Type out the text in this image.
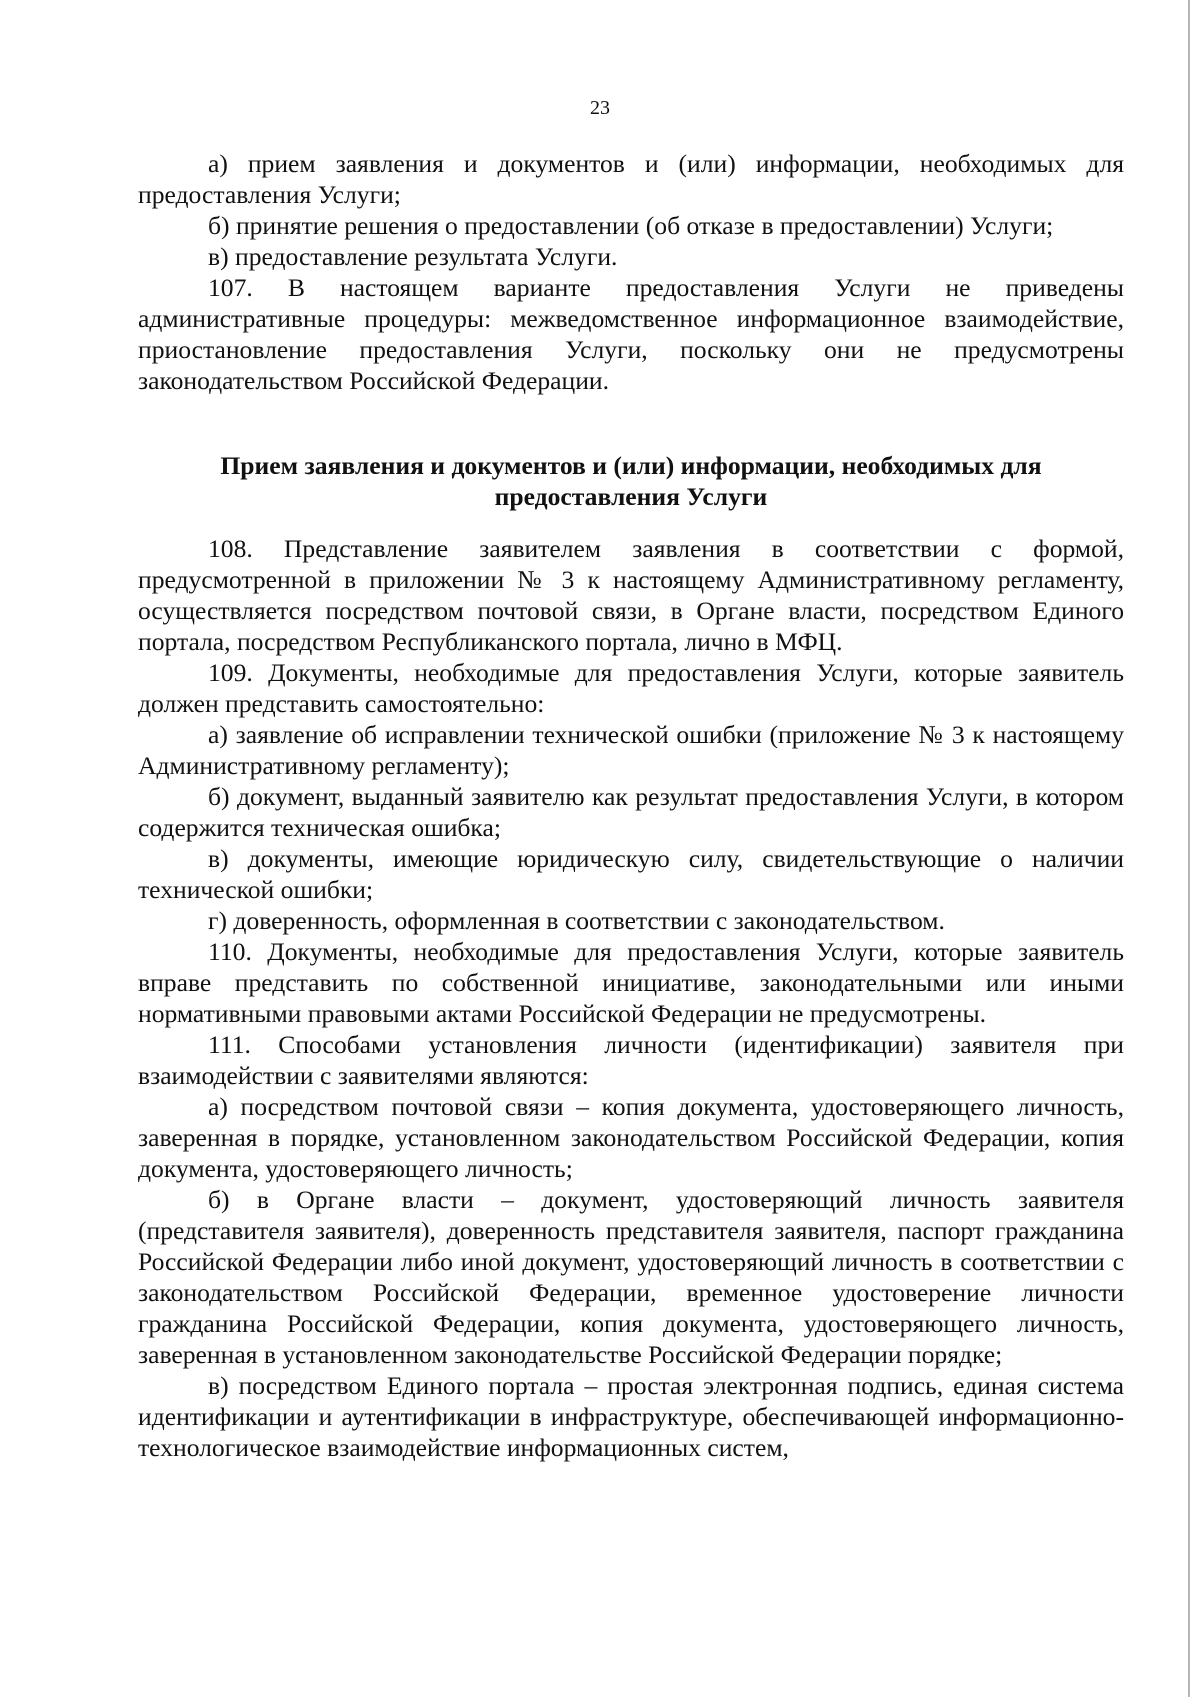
23

а) прием заявления и документов и (или) информации, необходимых для предоставления Услуги;

б) принятие решения о предоставлении (об отказе в предоставлении) Услуги;

в) предоставление результата Услуги.

107. В настоящем варианте предоставления Услуги не приведены административные процедуры: межведомственное информационное взаимодействие, приостановление предоставления Услуги, поскольку они не предусмотрены законодательством Российской Федерации.

Прием заявления и документов и (или) информации, необходимых для
предоставления Услуги

108. Представление заявителем заявления в соответствии с формой, предусмотренной в приложении № 3 к настоящему Административному регламенту, осуществляется посредством почтовой связи, в Органе власти, посредством Единого портала, посредством Республиканского портала, лично в МФЦ.

109. Документы, необходимые для предоставления Услуги, которые заявитель должен представить самостоятельно:

а) заявление об исправлении технической ошибки (приложение № 3 к настоящему Административному регламенту);

б) документ, выданный заявителю как результат предоставления Услуги, в котором содержится техническая ошибка;

в) документы, имеющие юридическую силу, свидетельствующие о наличии технической ошибки;

г) доверенность, оформленная в соответствии с законодательством.

110. Документы, необходимые для предоставления Услуги, которые заявитель вправе представить по собственной инициативе, законодательными или иными нормативными правовыми актами Российской Федерации не предусмотрены.

111. Способами установления личности (идентификации) заявителя при взаимодействии с заявителями являются:

а) посредством почтовой связи – копия документа, удостоверяющего личность, заверенная в порядке, установленном законодательством Российской Федерации, копия документа, удостоверяющего личность;

б) в Органе власти – документ, удостоверяющий личность заявителя (представителя заявителя), доверенность представителя заявителя, паспорт гражданина Российской Федерации либо иной документ, удостоверяющий личность в соответствии с законодательством Российской Федерации, временное удостоверение личности гражданина Российской Федерации, копия документа, удостоверяющего личность, заверенная в установленном законодательстве Российской Федерации порядке;

в) посредством Единого портала – простая электронная подпись, единая система идентификации и аутентификации в инфраструктуре, обеспечивающей информационно-технологическое взаимодействие информационных систем,
